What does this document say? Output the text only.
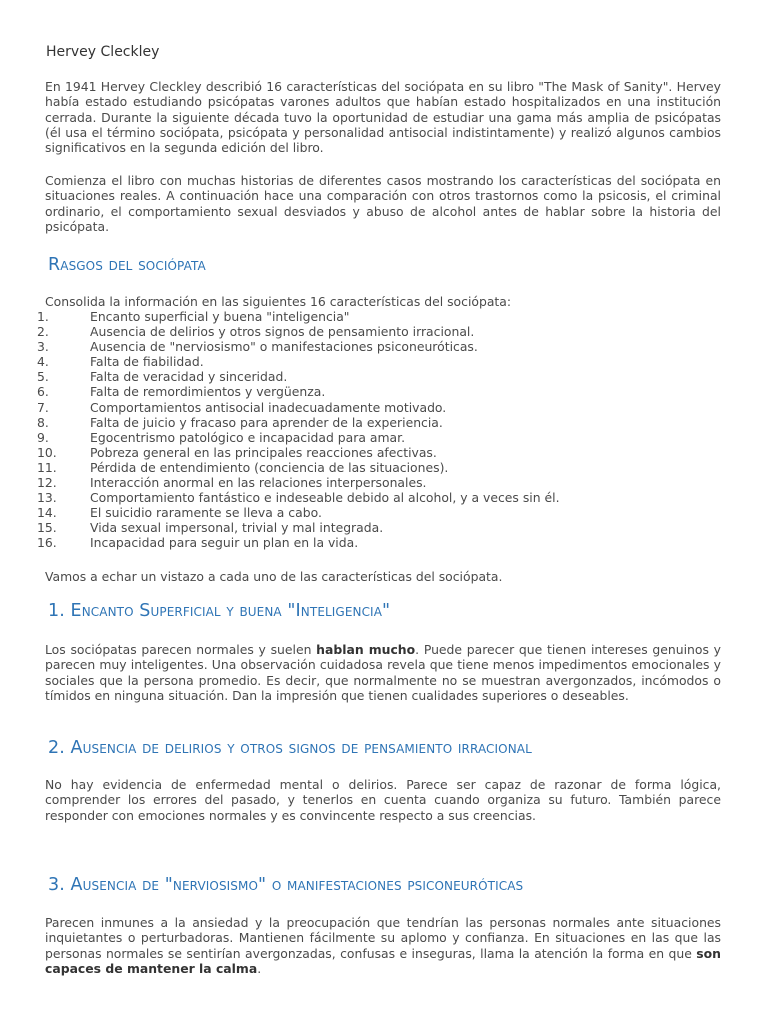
Hervey Cleckley

En 1941 Hervey Cleckley describió 16 características del sociópata en su libro "The Mask of Sanity". Hervey había estado estudiando psicópatas varones adultos que habían estado hospitalizados en una institución cerrada. Durante la siguiente década tuvo la oportunidad de estudiar una gama más amplia de psicópatas (él usa el término sociópata, psicópata y personalidad antisocial indistintamente) y realizó algunos cambios significativos en la segunda edición del libro.

Comienza el libro con muchas historias de diferentes casos mostrando los características del sociópata en situaciones reales. A continuación hace una comparación con otros trastornos como la psicosis, el criminal ordinario, el comportamiento sexual desviados y abuso de alcohol antes de hablar sobre la historia del psicópata.

Rasgos del sociópata

Consolida la información en las siguientes 16 características del sociópata:

1.	Encanto superficial y buena "inteligencia"
2.	Ausencia de delirios y otros signos de pensamiento irracional.
3.	Ausencia de "nerviosismo" o manifestaciones psiconeuróticas.
4.	Falta de fiabilidad.
5.	Falta de veracidad y sinceridad.
6.	Falta de remordimientos y vergüenza.
7.	Comportamientos antisocial inadecuadamente motivado.
8.	Falta de juicio y fracaso para aprender de la experiencia.
9.	Egocentrismo patológico e incapacidad para amar.
10.	Pobreza general en las principales reacciones afectivas.
11.	Pérdida de entendimiento (conciencia de las situaciones).
12.	Interacción anormal en las relaciones interpersonales.
13.	Comportamiento fantástico e indeseable debido al alcohol, y a veces sin él.
14.	El suicidio raramente se lleva a cabo.
15.	Vida sexual impersonal, trivial y mal integrada.
16.	Incapacidad para seguir un plan en la vida.

Vamos a echar un vistazo a cada uno de las características del sociópata.

1. Encanto Superficial y buena "Inteligencia"

Los sociópatas parecen normales y suelen hablan mucho. Puede parecer que tienen intereses genuinos y parecen muy inteligentes. Una observación cuidadosa revela que tiene menos impedimentos emocionales y sociales que la persona promedio. Es decir, que normalmente no se muestran avergonzados, incómodos o tímidos en ninguna situación. Dan la impresión que tienen cualidades superiores o deseables.

2. Ausencia de delirios y otros signos de pensamiento irracional

No hay evidencia de enfermedad mental o delirios. Parece ser capaz de razonar de forma lógica, comprender los errores del pasado, y tenerlos en cuenta cuando organiza su futuro. También parece responder con emociones normales y es convincente respecto a sus creencias.

3. Ausencia de "nerviosismo" o manifestaciones psiconeuróticas

Parecen inmunes a la ansiedad y la preocupación que tendrían las personas normales ante situaciones inquietantes o perturbadoras. Mantienen fácilmente su aplomo y confianza. En situaciones en las que las personas normales se sentirían avergonzadas, confusas e inseguras, llama la atención la forma en que son capaces de mantener la calma.
